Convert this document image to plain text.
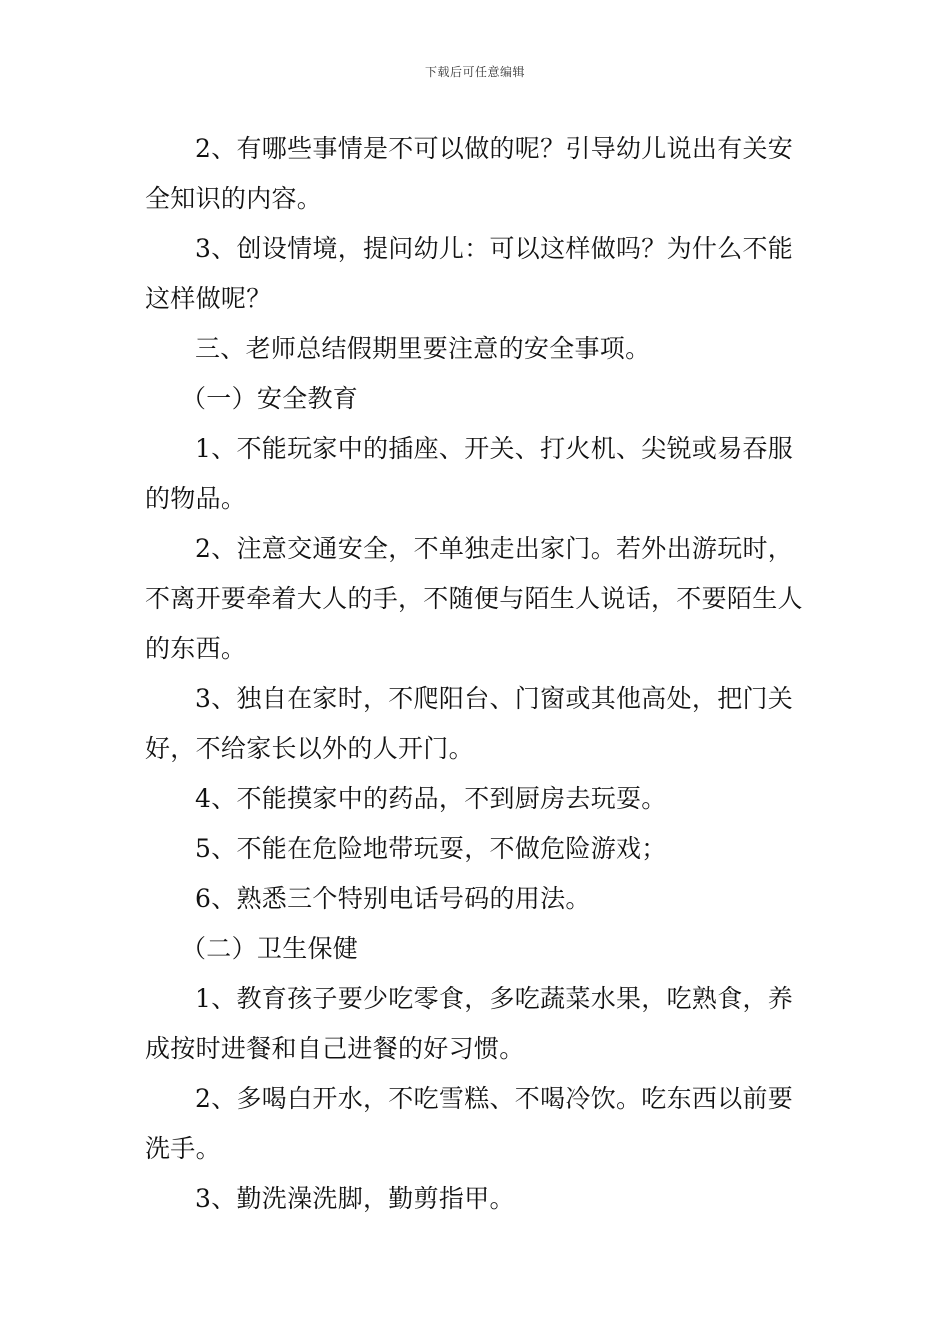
下载后可任意编辑

2、有哪些事情是不可以做的呢？引导幼儿说出有关安全知识的内容。

3、创设情境，提问幼儿：可以这样做吗？为什么不能这样做呢？

三、老师总结假期里要注意的安全事项。

（一）安全教育

1、不能玩家中的插座、开关、打火机、尖锐或易吞服的物品。

2、注意交通安全，不单独走出家门。若外出游玩时，不离开要牵着大人的手，不随便与陌生人说话，不要陌生人的东西。

3、独自在家时，不爬阳台、门窗或其他高处，把门关好，不给家长以外的人开门。

4、不能摸家中的药品，不到厨房去玩耍。

5、不能在危险地带玩耍，不做危险游戏；

6、熟悉三个特别电话号码的用法。

（二）卫生保健

1、教育孩子要少吃零食，多吃蔬菜水果，吃熟食，养成按时进餐和自己进餐的好习惯。

2、多喝白开水，不吃雪糕、不喝冷饮。吃东西以前要洗手。

3、勤洗澡洗脚，勤剪指甲。
